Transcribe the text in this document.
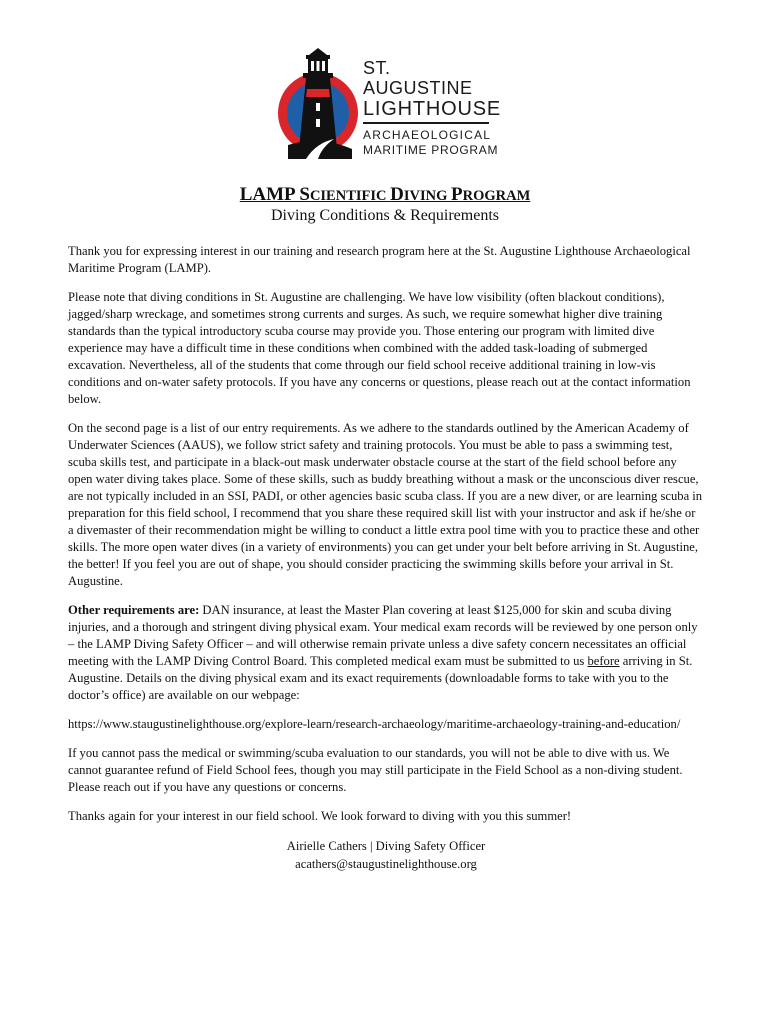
ST. AUGUSTINE
LIGHTHOUSE
ARCHAEOLOGICAL
MARITIME PROGRAM
LAMP SCIENTIFIC DIVING PROGRAM
Diving Conditions & Requirements

Thank you for expressing interest in our training and research program here at the St. Augustine Lighthouse Archaeological Maritime Program (LAMP).

Please note that diving conditions in St. Augustine are challenging. We have low visibility (often blackout conditions), jagged/sharp wreckage, and sometimes strong currents and surges. As such, we require somewhat higher dive training standards than the typical introductory scuba course may provide you. Those entering our program with limited dive experience may have a difficult time in these conditions when combined with the added task-loading of submerged excavation. Nevertheless, all of the students that come through our field school receive additional training in low-vis conditions and on-water safety protocols. If you have any concerns or questions, please reach out at the contact information below.

On the second page is a list of our entry requirements. As we adhere to the standards outlined by the American Academy of Underwater Sciences (AAUS), we follow strict safety and training protocols. You must be able to pass a swimming test, scuba skills test, and participate in a black-out mask underwater obstacle course at the start of the field school before any open water diving takes place. Some of these skills, such as buddy breathing without a mask or the unconscious diver rescue, are not typically included in an SSI, PADI, or other agencies basic scuba class. If you are a new diver, or are learning scuba in preparation for this field school, I recommend that you share these required skill list with your instructor and ask if he/she or a divemaster of their recommendation might be willing to conduct a little extra pool time with you to practice these and other skills. The more open water dives (in a variety of environments) you can get under your belt before arriving in St. Augustine, the better! If you feel you are out of shape, you should consider practicing the swimming skills before your arrival in St. Augustine.

Other requirements are: DAN insurance, at least the Master Plan covering at least $125,000 for skin and scuba diving injuries, and a thorough and stringent diving physical exam. Your medical exam records will be reviewed by one person only – the LAMP Diving Safety Officer – and will otherwise remain private unless a dive safety concern necessitates an official meeting with the LAMP Diving Control Board. This completed medical exam must be submitted to us before arriving in St. Augustine. Details on the diving physical exam and its exact requirements (downloadable forms to take with you to the doctor’s office) are available on our webpage:

https://www.staugustinelighthouse.org/explore-learn/research-archaeology/maritime-archaeology-training-and-education/

If you cannot pass the medical or swimming/scuba evaluation to our standards, you will not be able to dive with us. We cannot guarantee refund of Field School fees, though you may still participate in the Field School as a non-diving student. Please reach out if you have any questions or concerns.

Thanks again for your interest in our field school. We look forward to diving with you this summer!

Airielle Cathers | Diving Safety Officer
acathers@staugustinelighthouse.org
